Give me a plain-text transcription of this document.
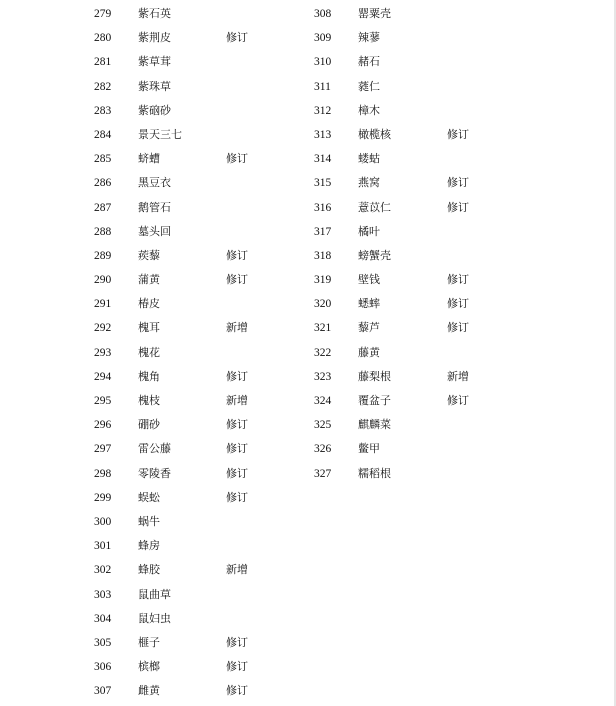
279 紫石英
280 紫荆皮	修订
281 紫草茸
282 紫珠草
283 紫硇砂
284 景天三七
285 蛴螬	修订
286 黑豆衣
287 鹅管石
288 墓头回
289 蒺藜	修订
290 蒲黄	修订
291 椿皮
292 槐耳	新增
293 槐花
294 槐角	修订
295 槐枝	新增
296 硼砂	修订
297 雷公藤	修订
298 零陵香	修订
299 蜈蚣	修订
300 蜗牛
301 蜂房
302 蜂胶	新增
303 鼠曲草
304 鼠妇虫
305 榧子	修订
306 槟榔	修订
307 雌黄	修订
308 罂粟壳
309 辣蓼
310 赭石
311 蕤仁
312 樟木
313 橄榄核	修订
314 蝼蛄
315 燕窝	修订
316 薏苡仁	修订
317 橘叶
318 螃蟹壳
319 壁钱	修订
320 蟋蟀	修订
321 藜芦	修订
322 藤黄
323 藤梨根	新增
324 覆盆子	修订
325 麒麟菜
326 鳖甲
327 糯稻根
